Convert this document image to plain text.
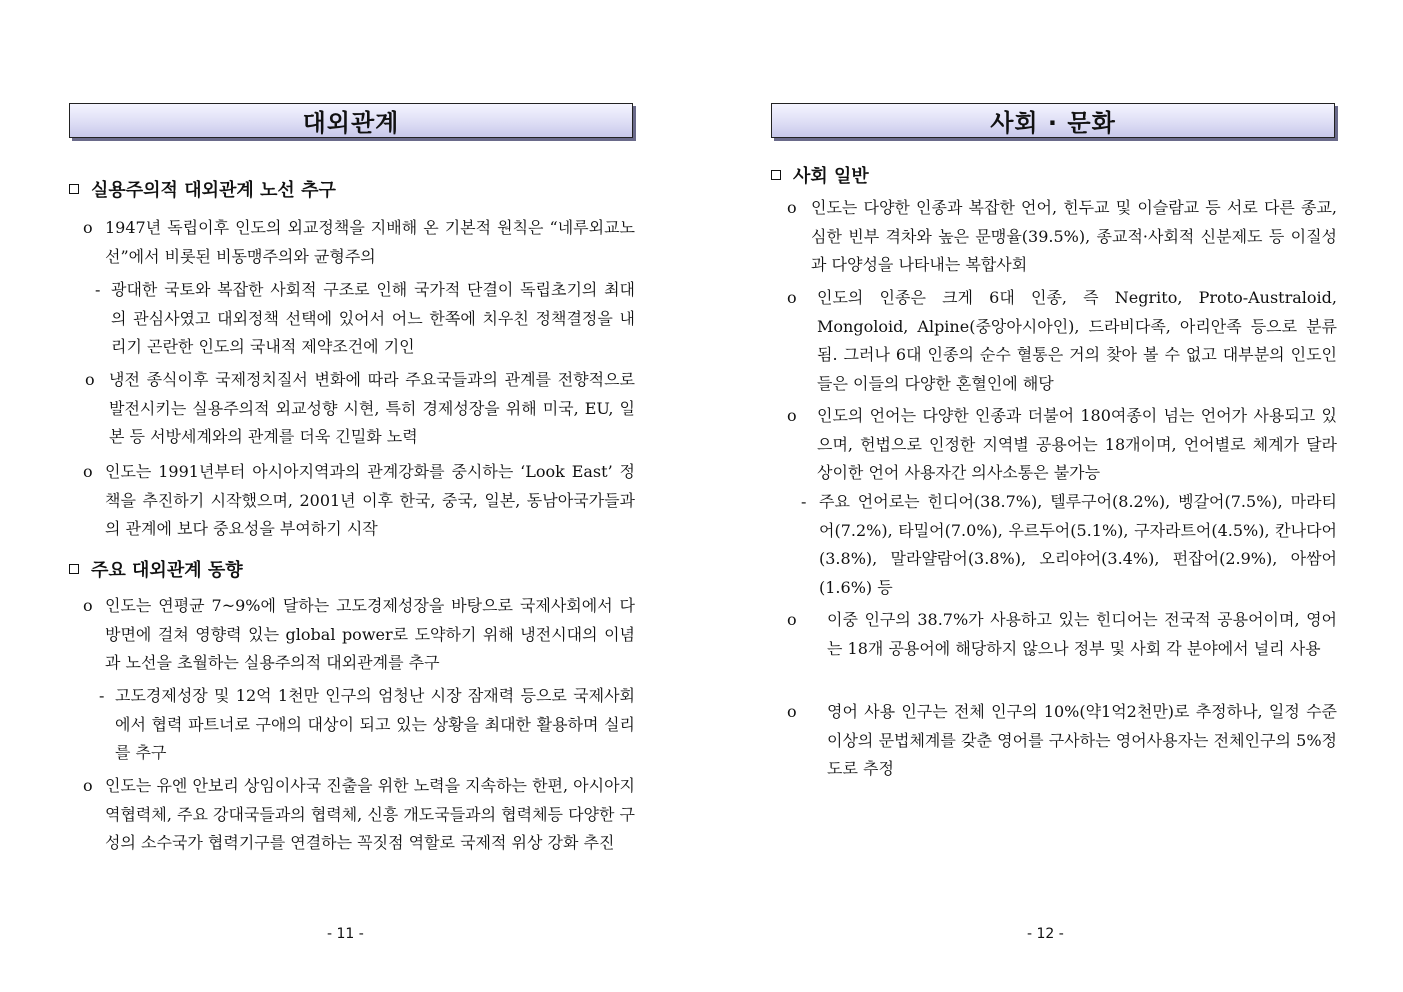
대외관계
실용주의적 대외관계 노선 추구
o 1947년 독립이후 인도의 외교정책을 지배해 온 기본적 원칙은 “네루외교노선”에서 비롯된 비동맹주의와 균형주의
- 광대한 국토와 복잡한 사회적 구조로 인해 국가적 단결이 독립초기의 최대의 관심사였고 대외정책 선택에 있어서 어느 한쪽에 치우친 정책결정을 내리기 곤란한 인도의 국내적 제약조건에 기인
o 냉전 종식이후 국제정치질서 변화에 따라 주요국들과의 관계를 전향적으로 발전시키는 실용주의적 외교성향 시현, 특히 경제성장을 위해 미국, EU, 일본 등 서방세계와의 관계를 더욱 긴밀화 노력
o 인도는 1991년부터 아시아지역과의 관계강화를 중시하는 ‘Look East’ 정책을 추진하기 시작했으며, 2001년 이후 한국, 중국, 일본, 동남아국가들과의 관계에 보다 중요성을 부여하기 시작
주요 대외관계 동향
o 인도는 연평균 7~9%에 달하는 고도경제성장을 바탕으로 국제사회에서 다방면에 걸쳐 영향력 있는 global power로 도약하기 위해 냉전시대의 이념과 노선을 초월하는 실용주의적 대외관계를 추구
- 고도경제성장 및 12억 1천만 인구의 엄청난 시장 잠재력 등으로 국제사회에서 협력 파트너로 구애의 대상이 되고 있는 상황을 최대한 활용하며 실리를 추구
o 인도는 유엔 안보리 상임이사국 진출을 위한 노력을 지속하는 한편, 아시아지역협력체, 주요 강대국들과의 협력체, 신흥 개도국들과의 협력체등 다양한 구성의 소수국가 협력기구를 연결하는 꼭짓점 역할로 국제적 위상 강화 추진
- 11 -
사회 · 문화
사회 일반
o 인도는 다양한 인종과 복잡한 언어, 힌두교 및 이슬람교 등 서로 다른 종교, 심한 빈부 격차와 높은 문맹율(39.5%), 종교적·사회적 신분제도 등 이질성과 다양성을 나타내는 복합사회
o 인도의 인종은 크게 6대 인종, 즉 Negrito, Proto-Australoid, Mongoloid, Alpine(중앙아시아인), 드라비다족, 아리안족 등으로 분류됨. 그러나 6대 인종의 순수 혈통은 거의 찾아 볼 수 없고 대부분의 인도인들은 이들의 다양한 혼혈인에 해당
o 인도의 언어는 다양한 인종과 더불어 180여종이 넘는 언어가 사용되고 있으며, 헌법으로 인정한 지역별 공용어는 18개이며, 언어별로 체계가 달라 상이한 언어 사용자간 의사소통은 불가능
- 주요 언어로는 힌디어(38.7%), 텔루구어(8.2%), 벵갈어(7.5%), 마라티어(7.2%), 타밀어(7.0%), 우르두어(5.1%), 구자라트어(4.5%), 칸나다어(3.8%), 말라얄람어(3.8%), 오리야어(3.4%), 펀잡어(2.9%), 아쌈어(1.6%) 등
o 이중 인구의 38.7%가 사용하고 있는 힌디어는 전국적 공용어이며, 영어는 18개 공용어에 해당하지 않으나 정부 및 사회 각 분야에서 널리 사용
o 영어 사용 인구는 전체 인구의 10%(약1억2천만)로 추정하나, 일정 수준 이상의 문법체계를 갖춘 영어를 구사하는 영어사용자는 전체인구의 5%정도로 추정
- 12 -
